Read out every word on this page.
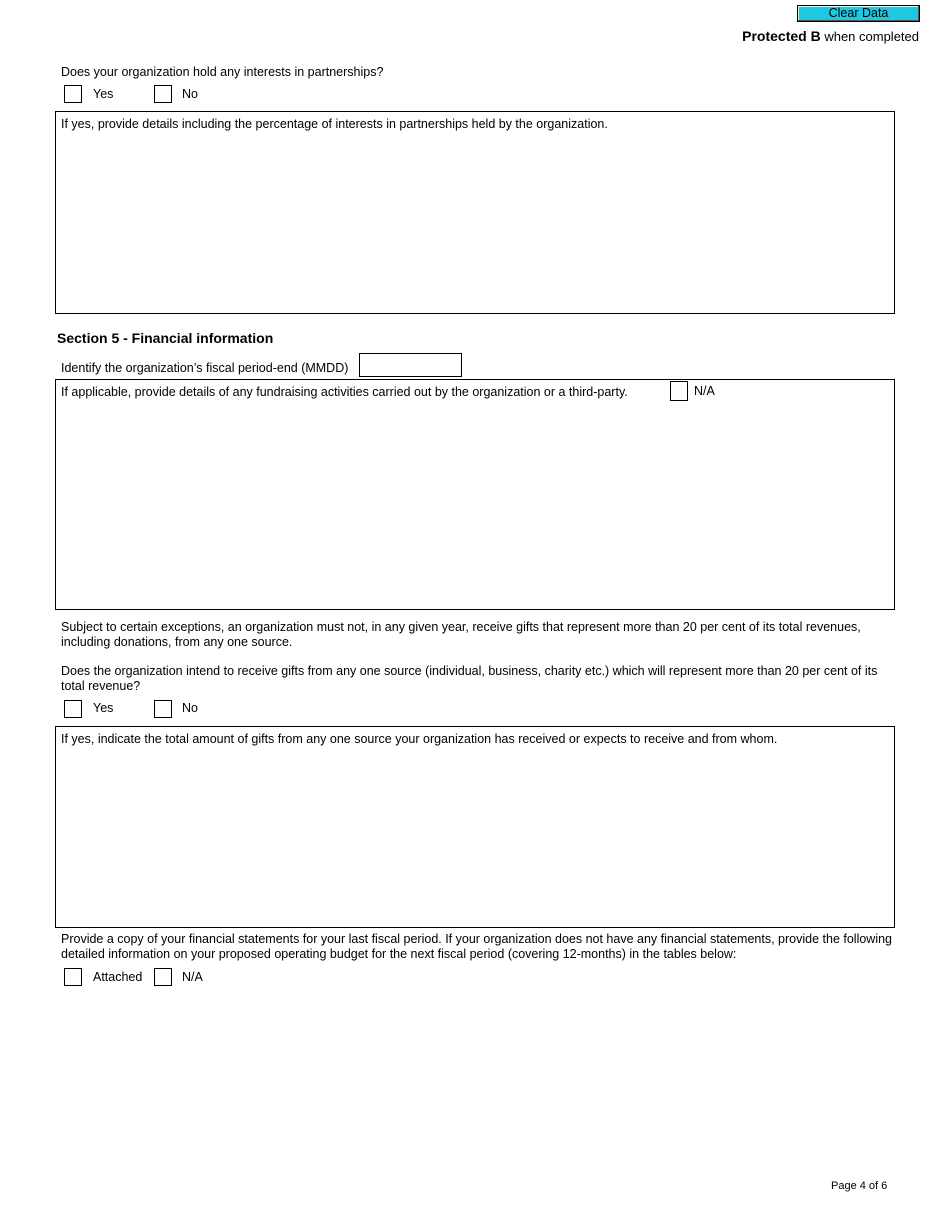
Clear Data
Protected B when completed
Does your organization hold any interests in partnerships?
Yes	No
If yes, provide details including the percentage of interests in partnerships held by the organization.
Section 5 - Financial information
Identify the organization’s fiscal period-end (MMDD)
If applicable, provide details of any fundraising activities carried out by the organization or a third-party.	N/A
Subject to certain exceptions, an organization must not, in any given year, receive gifts that represent more than 20 per cent of its total revenues,
including donations, from any one source.
Does the organization intend to receive gifts from any one source (individual, business, charity etc.) which will represent more than 20 per cent of its
total revenue?
Yes	No
If yes, indicate the total amount of gifts from any one source your organization has received or expects to receive and from whom.
Provide a copy of your financial statements for your last fiscal period. If your organization does not have any financial statements, provide the following
detailed information on your proposed operating budget for the next fiscal period (covering 12-months) in the tables below:
Attached	N/A
Page 4 of 6
